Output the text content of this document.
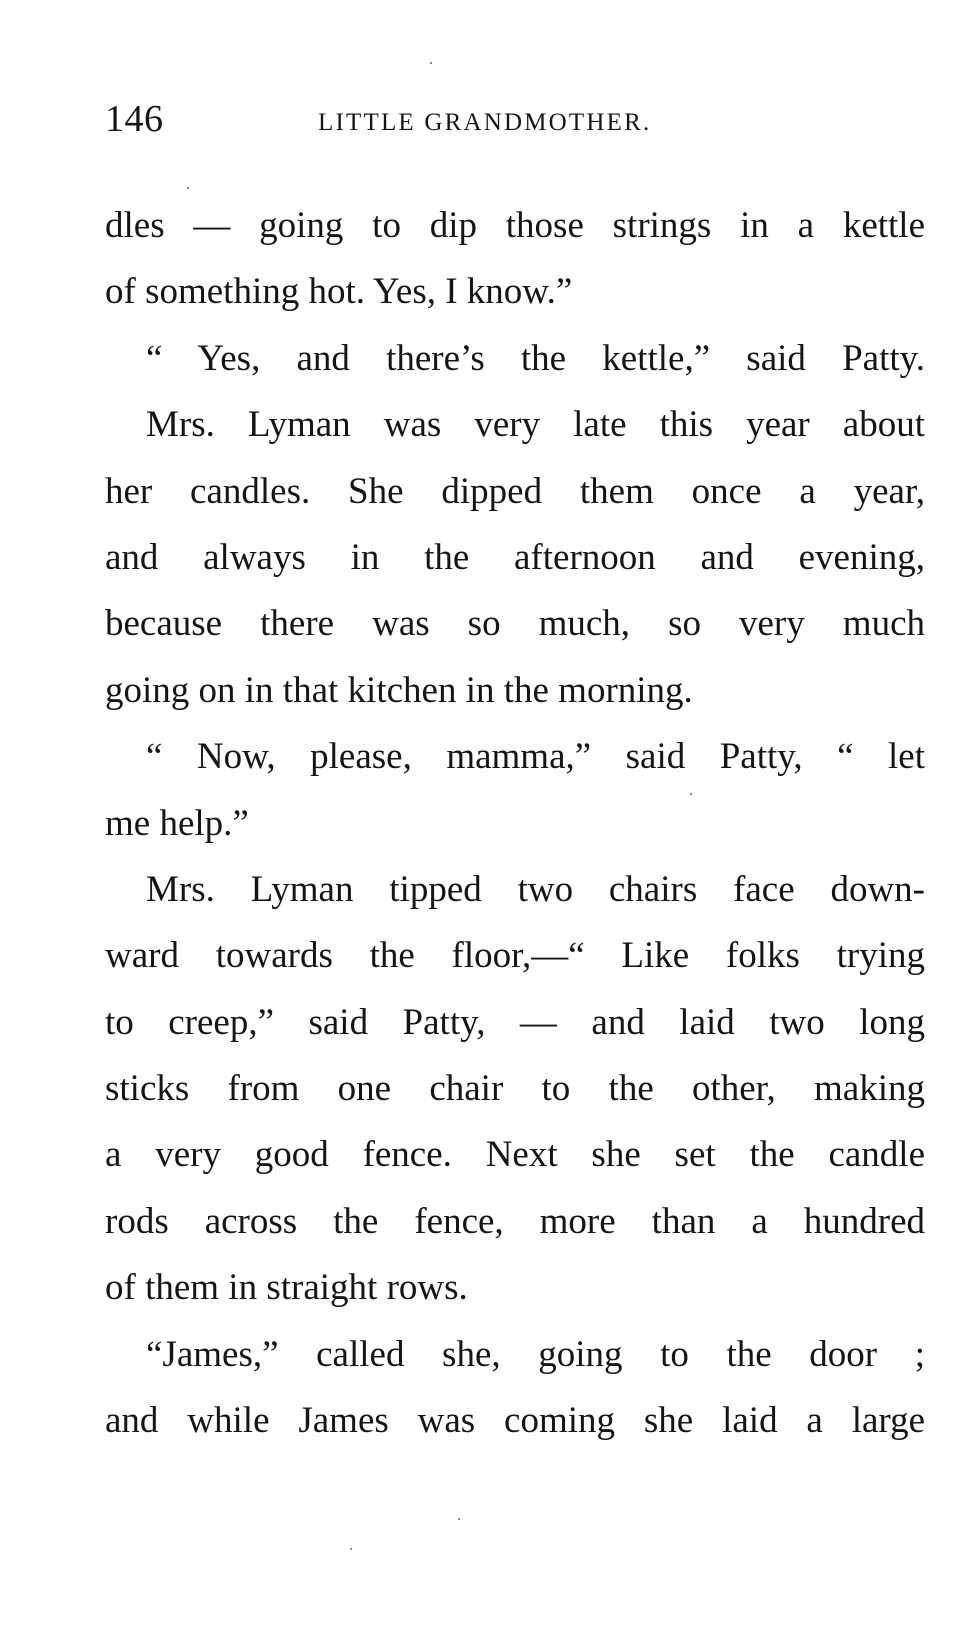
146	LITTLE GRANDMOTHER.
dles — going to dip those strings in a kettle
of something hot. Yes, I know.”
“ Yes, and there’s the kettle,” said Patty.
Mrs. Lyman was very late this year about
her candles. She dipped them once a year,
and always in the afternoon and evening,
because there was so much, so very much
going on in that kitchen in the morning.
“ Now, please, mamma,” said Patty, “ let
me help.”
Mrs. Lyman tipped two chairs face down-
ward towards the floor,—“ Like folks trying
to creep,” said Patty, — and laid two long
sticks from one chair to the other, making
a very good fence. Next she set the candle
rods across the fence, more than a hundred
of them in straight rows.
“James,” called she, going to the door ;
and while James was coming she laid a large
